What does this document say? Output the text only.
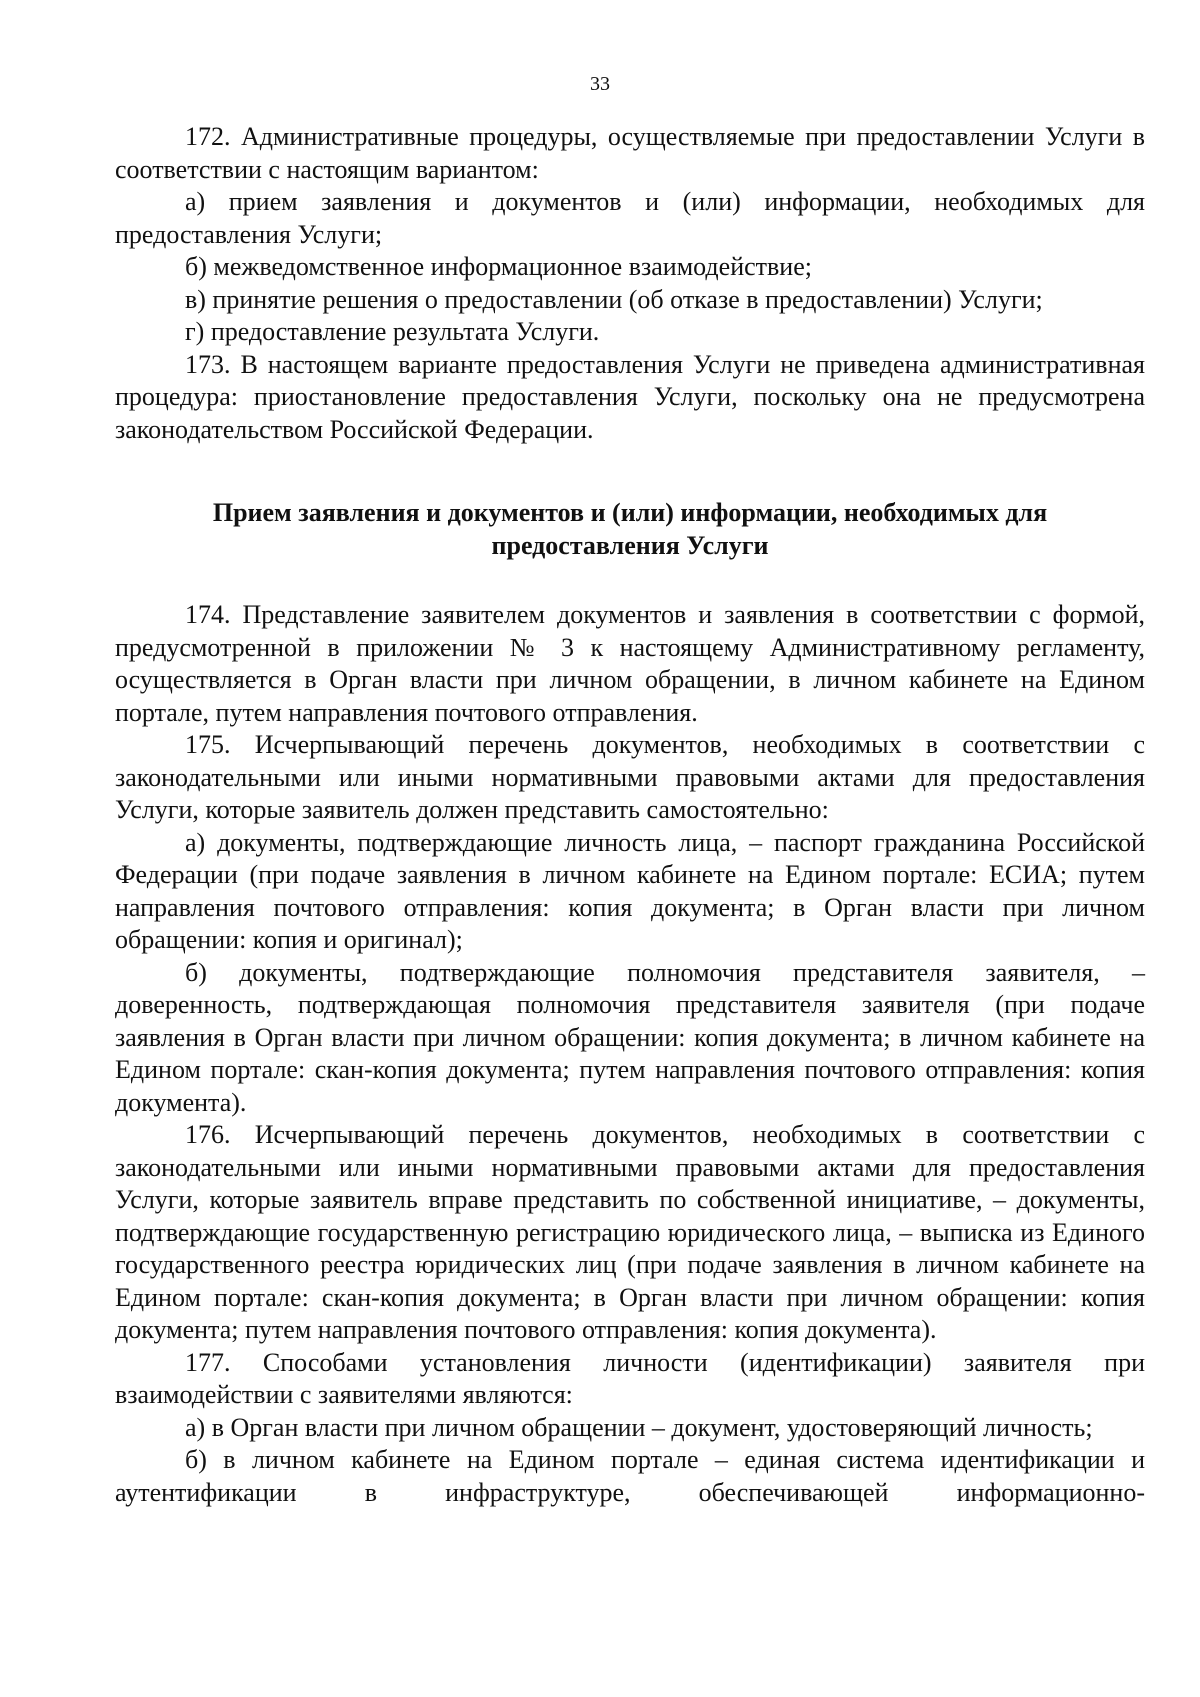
33

172. Административные процедуры, осуществляемые при предоставлении Услуги в соответствии с настоящим вариантом:

а) прием заявления и документов и (или) информации, необходимых для предоставления Услуги;

б) межведомственное информационное взаимодействие;

в) принятие решения о предоставлении (об отказе в предоставлении) Услуги;

г) предоставление результата Услуги.

173. В настоящем варианте предоставления Услуги не приведена административная процедура: приостановление предоставления Услуги, поскольку она не предусмотрена законодательством Российской Федерации.

Прием заявления и документов и (или) информации, необходимых для предоставления Услуги

174. Представление заявителем документов и заявления в соответствии с формой, предусмотренной в приложении № 3 к настоящему Административному регламенту, осуществляется в Орган власти при личном обращении, в личном кабинете на Едином портале, путем направления почтового отправления.

175. Исчерпывающий перечень документов, необходимых в соответствии с законодательными или иными нормативными правовыми актами для предоставления Услуги, которые заявитель должен представить самостоятельно:

а) документы, подтверждающие личность лица, – паспорт гражданина Российской Федерации (при подаче заявления в личном кабинете на Едином портале: ЕСИА; путем направления почтового отправления: копия документа; в Орган власти при личном обращении: копия и оригинал);

б) документы, подтверждающие полномочия представителя заявителя, – доверенность, подтверждающая полномочия представителя заявителя (при подаче заявления в Орган власти при личном обращении: копия документа; в личном кабинете на Едином портале: скан-копия документа; путем направления почтового отправления: копия документа).

176. Исчерпывающий перечень документов, необходимых в соответствии с законодательными или иными нормативными правовыми актами для предоставления Услуги, которые заявитель вправе представить по собственной инициативе, – документы, подтверждающие государственную регистрацию юридического лица, – выписка из Единого государственного реестра юридических лиц (при подаче заявления в личном кабинете на Едином портале: скан-копия документа; в Орган власти при личном обращении: копия документа; путем направления почтового отправления: копия документа).

177. Способами установления личности (идентификации) заявителя при взаимодействии с заявителями являются:

а) в Орган власти при личном обращении – документ, удостоверяющий личность;

б) в личном кабинете на Едином портале – единая система идентификации и аутентификации в инфраструктуре, обеспечивающей информационно-
